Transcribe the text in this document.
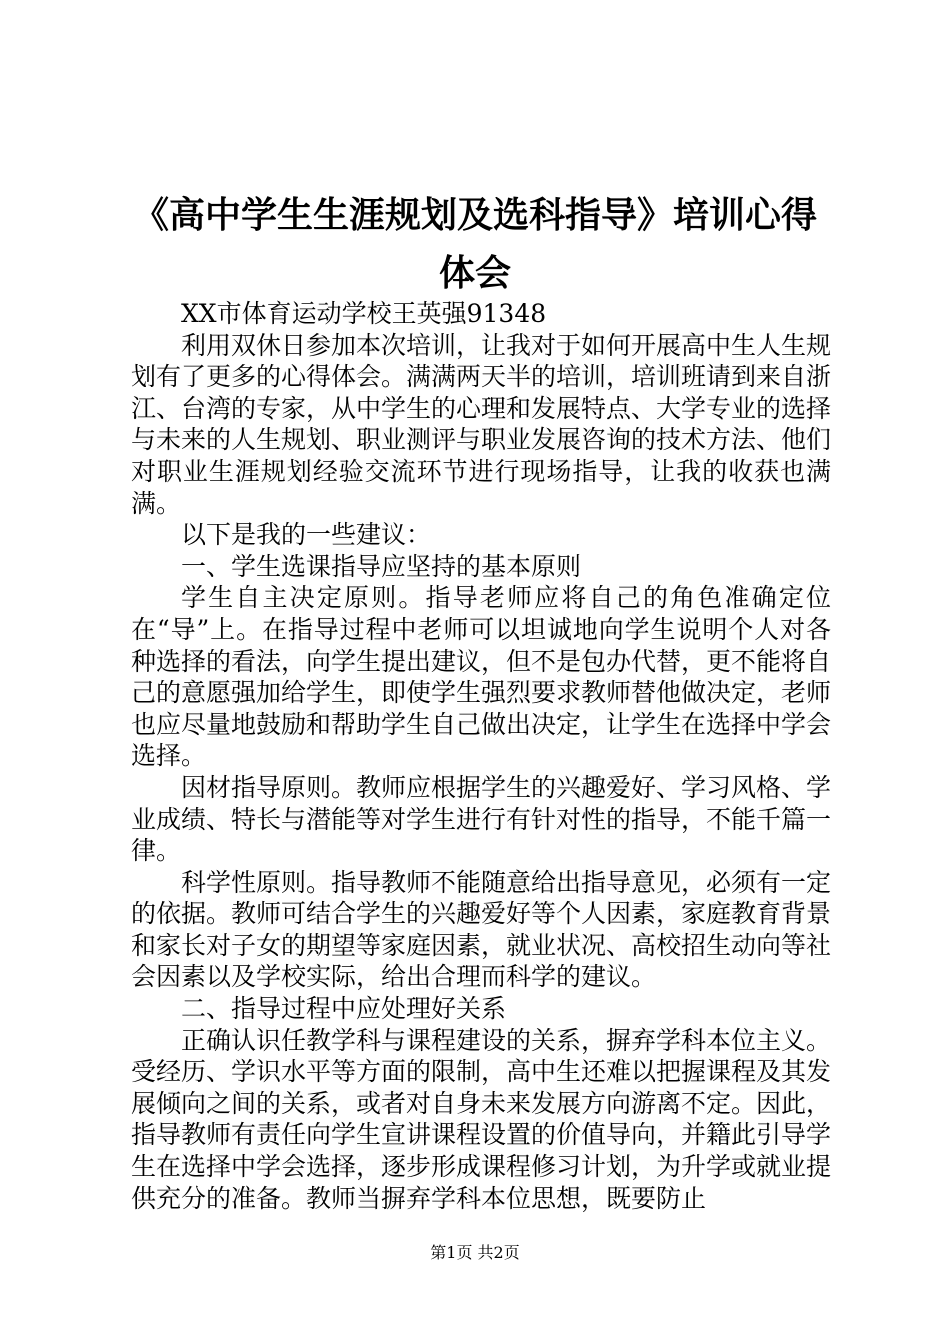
《高中学生生涯规划及选科指导》培训心得体会

XX市体育运动学校王英强91348

利用双休日参加本次培训，让我对于如何开展高中生人生规划有了更多的心得体会。满满两天半的培训，培训班请到来自浙江、台湾的专家，从中学生的心理和发展特点、大学专业的选择与未来的人生规划、职业测评与职业发展咨询的技术方法、他们对职业生涯规划经验交流环节进行现场指导，让我的收获也满满。

以下是我的一些建议：

一、学生选课指导应坚持的基本原则

学生自主决定原则。指导老师应将自己的角色准确定位在“导”上。在指导过程中老师可以坦诚地向学生说明个人对各种选择的看法，向学生提出建议，但不是包办代替，更不能将自己的意愿强加给学生，即使学生强烈要求教师替他做决定，老师也应尽量地鼓励和帮助学生自己做出决定，让学生在选择中学会选择。

因材指导原则。教师应根据学生的兴趣爱好、学习风格、学业成绩、特长与潜能等对学生进行有针对性的指导，不能千篇一律。

科学性原则。指导教师不能随意给出指导意见，必须有一定的依据。教师可结合学生的兴趣爱好等个人因素，家庭教育背景和家长对子女的期望等家庭因素，就业状况、高校招生动向等社会因素以及学校实际，给出合理而科学的建议。

二、指导过程中应处理好关系

正确认识任教学科与课程建设的关系，摒弃学科本位主义。受经历、学识水平等方面的限制，高中生还难以把握课程及其发展倾向之间的关系，或者对自身未来发展方向游离不定。因此，指导教师有责任向学生宣讲课程设置的价值导向，并籍此引导学生在选择中学会选择，逐步形成课程修习计划，为升学或就业提供充分的准备。教师当摒弃学科本位思想，既要防止

第1页 共2页
